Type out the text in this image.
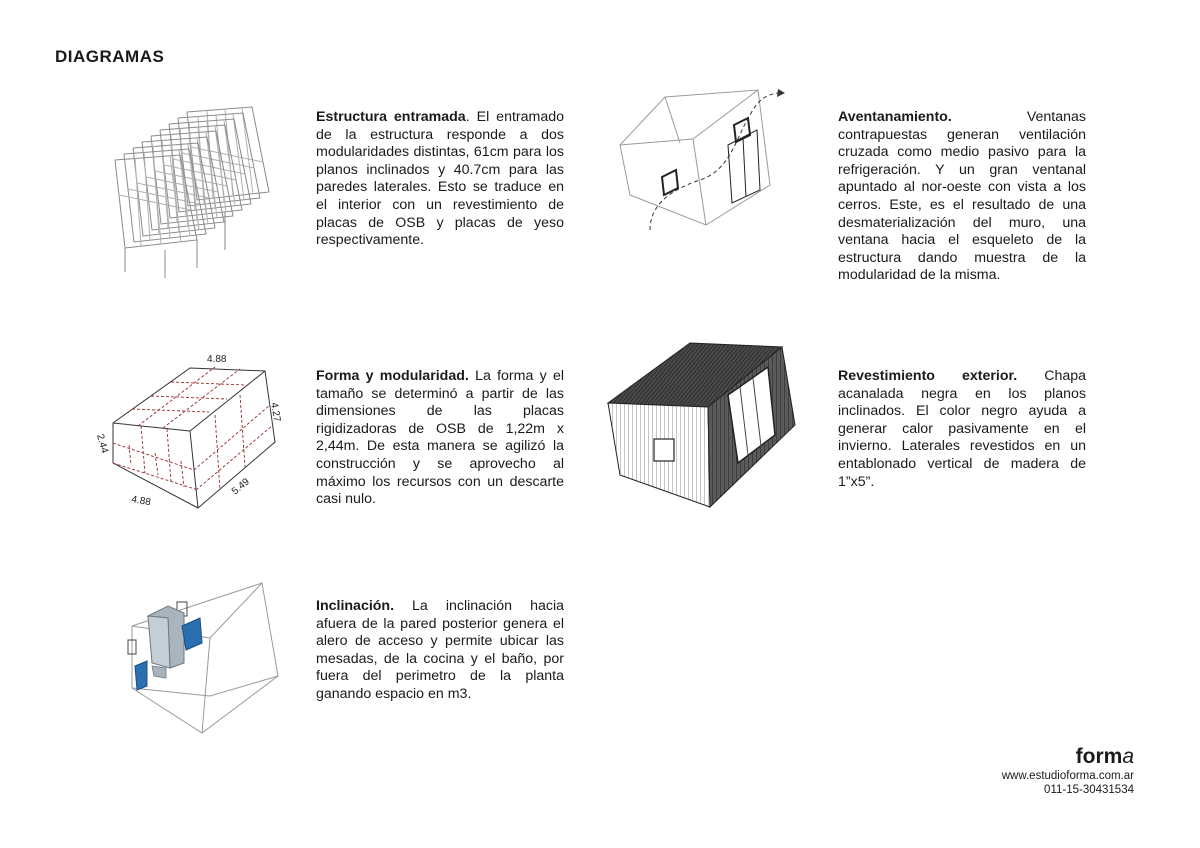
DIAGRAMAS
4.88
4.27
2.44
4.88
5.49
Estructura entramada. El entramado de la estructura responde a dos modularidades distintas, 61cm para los planos inclinados y 40.7cm para las paredes laterales. Esto se traduce en el interior con un revestimiento de placas de OSB y placas de yeso respectivamente.
Forma y modularidad. La forma y el tamaño se determinó a partir de las dimensiones de las placas rigidizadoras de OSB de 1,22m x 2,44m. De esta manera se agilizó la construcción y se aprovecho al máximo los recursos con un descarte casi nulo.
Inclinación. La inclinación hacia afuera de la pared posterior genera el alero de acceso y permite ubicar las mesadas, de la cocina y el baño, por fuera del perimetro de la planta ganando espacio en m3.
Aventanamiento. Ventanas contrapuestas generan ventilación cruzada como medio pasivo para la refrigeración. Y un gran ventanal apuntado al nor-oeste con vista a los cerros. Este, es el resultado de una desmaterialización del muro, una ventana hacia el esqueleto de la estructura dando muestra de la modularidad de la misma.
Revestimiento exterior. Chapa acanalada negra en los planos inclinados. El color negro ayuda a generar calor pasivamente en el invierno. Laterales revestidos en un entablonado vertical de madera de 1”x5”.
forma
www.estudioforma.com.ar
011-15-30431534
